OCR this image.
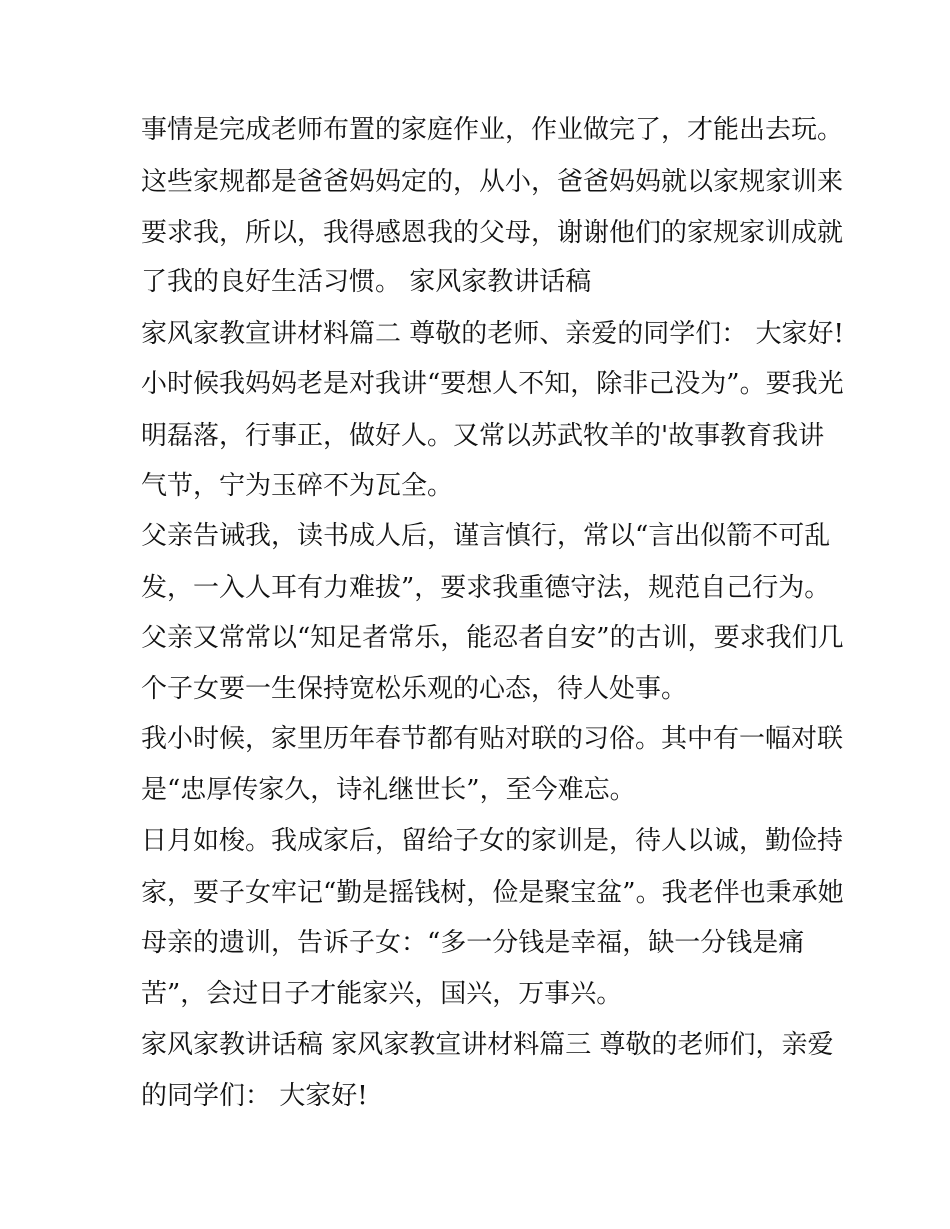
事情是完成老师布置的家庭作业，作业做完了，才能出去玩。
这些家规都是爸爸妈妈定的，从小，爸爸妈妈就以家规家训来
要求我，所以，我得感恩我的父母，谢谢他们的家规家训成就
了我的良好生活习惯。 家风家教讲话稿
家风家教宣讲材料篇二 尊敬的老师、亲爱的同学们： 大家好!
小时候我妈妈老是对我讲“要想人不知，除非己没为”。要我光
明磊落，行事正，做好人。又常以苏武牧羊的'故事教育我讲
气节，宁为玉碎不为瓦全。
父亲告诫我，读书成人后，谨言慎行，常以“言出似箭不可乱
发，一入人耳有力难拔”，要求我重德守法，规范自己行为。
父亲又常常以“知足者常乐，能忍者自安”的古训，要求我们几
个子女要一生保持宽松乐观的心态，待人处事。
我小时候，家里历年春节都有贴对联的习俗。其中有一幅对联
是“忠厚传家久，诗礼继世长”，至今难忘。
日月如梭。我成家后，留给子女的家训是，待人以诚，勤俭持
家，要子女牢记“勤是摇钱树，俭是聚宝盆”。我老伴也秉承她
母亲的遗训，告诉子女：“多一分钱是幸福，缺一分钱是痛
苦”，会过日子才能家兴，国兴，万事兴。
家风家教讲话稿 家风家教宣讲材料篇三 尊敬的老师们，亲爱
的同学们： 大家好!
